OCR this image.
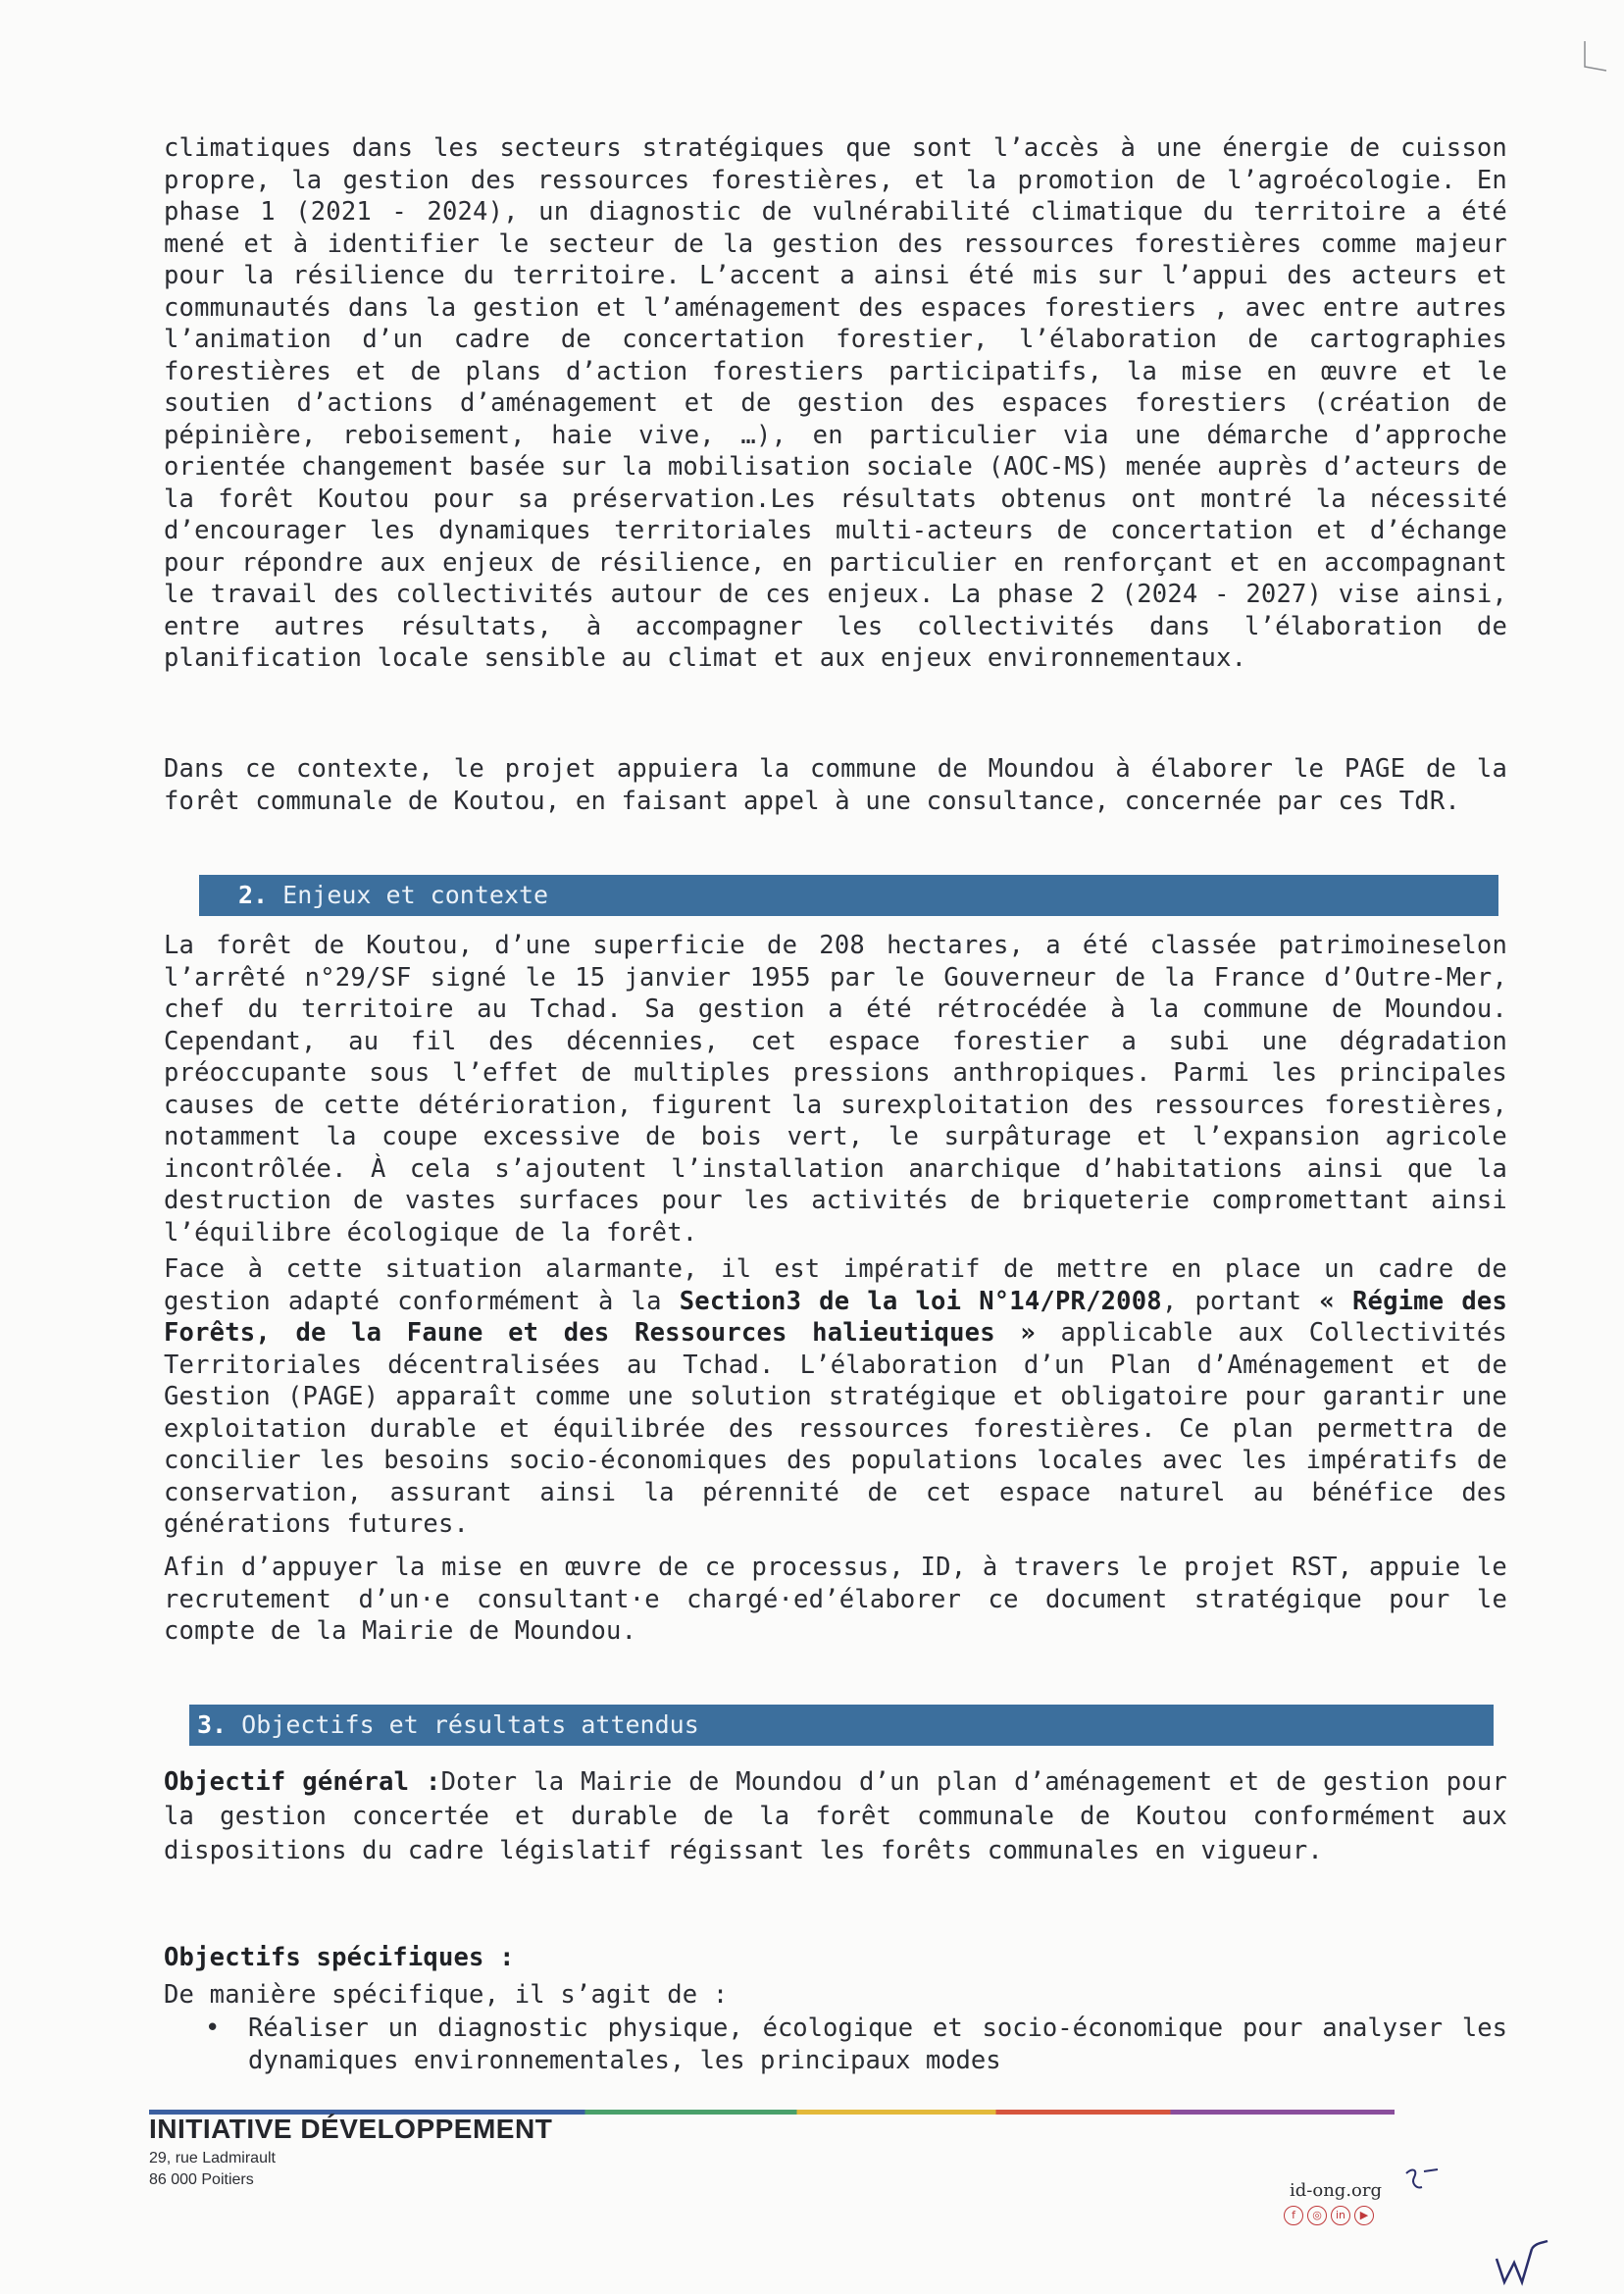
climatiques dans les secteurs stratégiques que sont l’accès à une énergie de cuisson propre, la gestion des ressources forestières, et la promotion de l’agroécologie. En phase 1 (2021 - 2024), un diagnostic de vulnérabilité climatique du territoire a été mené et à identifier le secteur de la gestion des ressources forestières comme majeur pour la résilience du territoire. L’accent a ainsi été mis sur l’appui des acteurs et communautés dans la gestion et l’aménagement des espaces forestiers , avec entre autres l’animation d’un cadre de concertation forestier, l’élaboration de cartographies forestières et de plans d’action forestiers participatifs, la mise en œuvre et le soutien d’actions d’aménagement et de gestion des espaces forestiers (création de pépinière, reboisement, haie vive, …), en particulier via une démarche d’approche orientée changement basée sur la mobilisation sociale (AOC-MS) menée auprès d’acteurs de la forêt Koutou pour sa préservation.Les résultats obtenus ont montré la nécessité d’encourager les dynamiques territoriales multi-acteurs de concertation et d’échange pour répondre aux enjeux de résilience, en particulier en renforçant et en accompagnant le travail des collectivités autour de ces enjeux. La phase 2 (2024 - 2027) vise ainsi, entre autres résultats, à accompagner les collectivités dans l’élaboration de planification locale sensible au climat et aux enjeux environnementaux.

Dans ce contexte, le projet appuiera la commune de Moundou à élaborer le PAGE de la forêt communale de Koutou, en faisant appel à une consultance, concernée par ces TdR.

2. Enjeux et contexte

La forêt de Koutou, d’une superficie de 208 hectares, a été classée patrimoineselon l’arrêté n°29/SF signé le 15 janvier 1955 par le Gouverneur de la France d’Outre-Mer, chef du territoire au Tchad. Sa gestion a été rétrocédée à la commune de Moundou. Cependant, au fil des décennies, cet espace forestier a subi une dégradation préoccupante sous l’effet de multiples pressions anthropiques. Parmi les principales causes de cette détérioration, figurent la surexploitation des ressources forestières, notamment la coupe excessive de bois vert, le surpâturage et l’expansion agricole incontrôlée. À cela s’ajoutent l’installation anarchique d’habitations ainsi que la destruction de vastes surfaces pour les activités de briqueterie compromettant ainsi l’équilibre écologique de la forêt.

Face à cette situation alarmante, il est impératif de mettre en place un cadre de gestion adapté conformément à la Section3 de la loi N°14/PR/2008, portant « Régime des Forêts, de la Faune et des Ressources halieutiques » applicable aux Collectivités Territoriales décentralisées au Tchad. L’élaboration d’un Plan d’Aménagement et de Gestion (PAGE) apparaît comme une solution stratégique et obligatoire pour garantir une exploitation durable et équilibrée des ressources forestières. Ce plan permettra de concilier les besoins socio-économiques des populations locales avec les impératifs de conservation, assurant ainsi la pérennité de cet espace naturel au bénéfice des générations futures.

Afin d’appuyer la mise en œuvre de ce processus, ID, à travers le projet RST, appuie le recrutement d’un·e consultant·e chargé·ed’élaborer ce document stratégique pour le compte de la Mairie de Moundou.

3. Objectifs et résultats attendus

Objectif général :Doter la Mairie de Moundou d’un plan d’aménagement et de gestion pour la gestion concertée et durable de la forêt communale de Koutou conformément aux dispositions du cadre législatif régissant les forêts communales en vigueur.

Objectifs spécifiques :

De manière spécifique, il s’agit de :

• Réaliser un diagnostic physique, écologique et socio-économique pour analyser les dynamiques environnementales, les principaux modes
INITIATIVE DÉVELOPPEMENT
29, rue Ladmirault
86 000 Poitiers
id-ong.org
f	◎	in	▶
